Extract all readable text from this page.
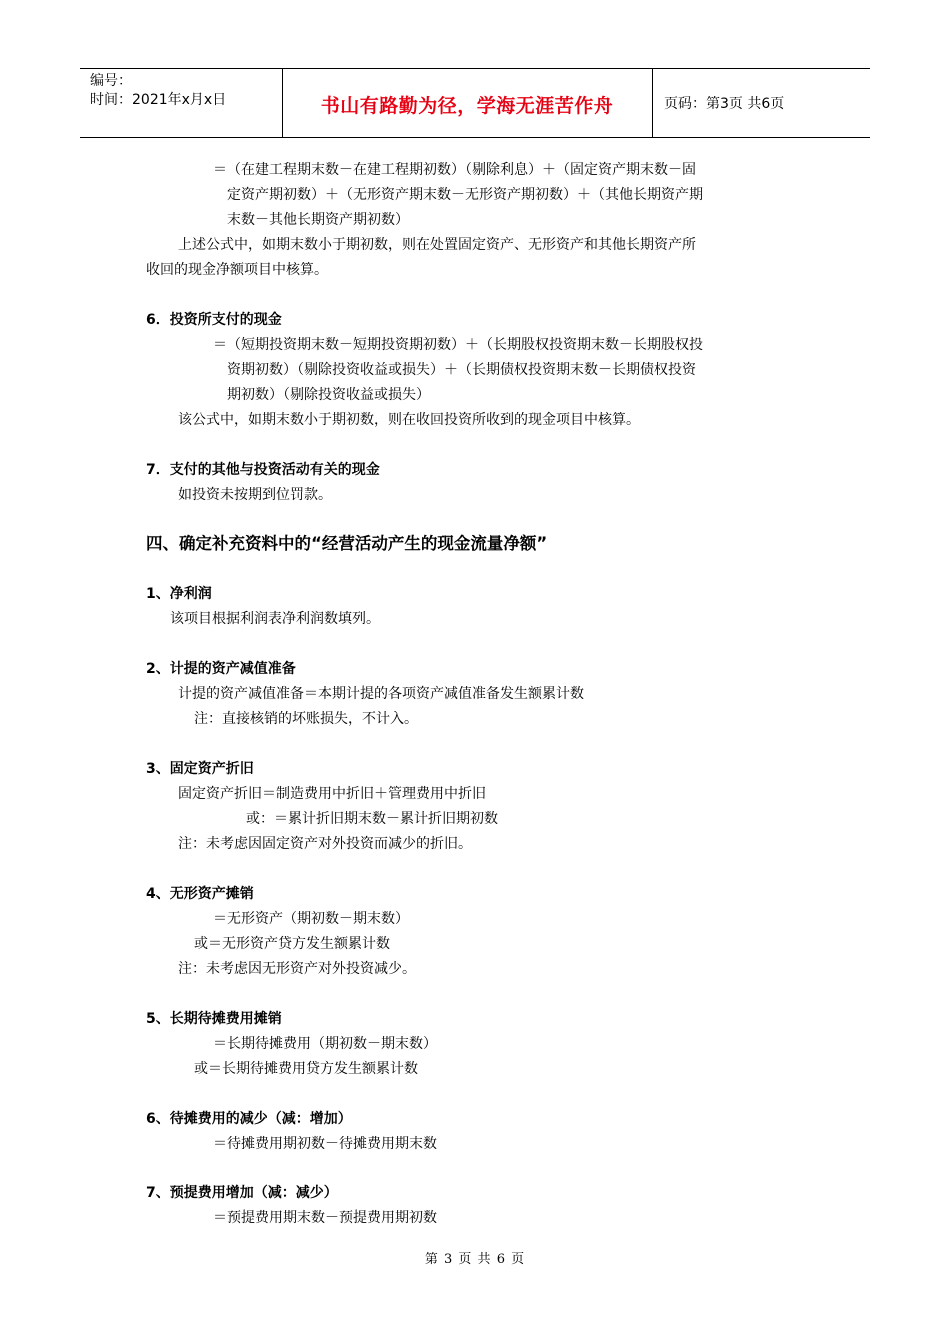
编号：
时间：2021年x月x日	书山有路勤为径，学海无涯苦作舟	页码：第3页 共6页
＝（在建工程期末数－在建工程期初数）（剔除利息）＋（固定资产期末数－固
定资产期初数）＋（无形资产期末数－无形资产期初数）＋（其他长期资产期
末数－其他长期资产期初数）
上述公式中，如期末数小于期初数，则在处置固定资产、无形资产和其他长期资产所
收回的现金净额项目中核算。
6．投资所支付的现金
＝（短期投资期末数－短期投资期初数）＋（长期股权投资期末数－长期股权投
资期初数）（剔除投资收益或损失）＋（长期债权投资期末数－长期债权投资
期初数）（剔除投资收益或损失）
该公式中，如期末数小于期初数，则在收回投资所收到的现金项目中核算。
7．支付的其他与投资活动有关的现金
如投资未按期到位罚款。
四、确定补充资料中的“经营活动产生的现金流量净额”
1、净利润
该项目根据利润表净利润数填列。
2、计提的资产减值准备
计提的资产减值准备＝本期计提的各项资产减值准备发生额累计数
注：直接核销的坏账损失，不计入。
3、固定资产折旧
固定资产折旧＝制造费用中折旧＋管理费用中折旧
或：＝累计折旧期末数－累计折旧期初数
注：未考虑因固定资产对外投资而减少的折旧。
4、无形资产摊销
＝无形资产（期初数－期末数）
或＝无形资产贷方发生额累计数
注：未考虑因无形资产对外投资减少。
5、长期待摊费用摊销
＝长期待摊费用（期初数－期末数）
或＝长期待摊费用贷方发生额累计数
6、待摊费用的减少（减：增加）
＝待摊费用期初数－待摊费用期末数
7、预提费用增加（减：减少）
＝预提费用期末数－预提费用期初数
第 3 页 共 6 页
